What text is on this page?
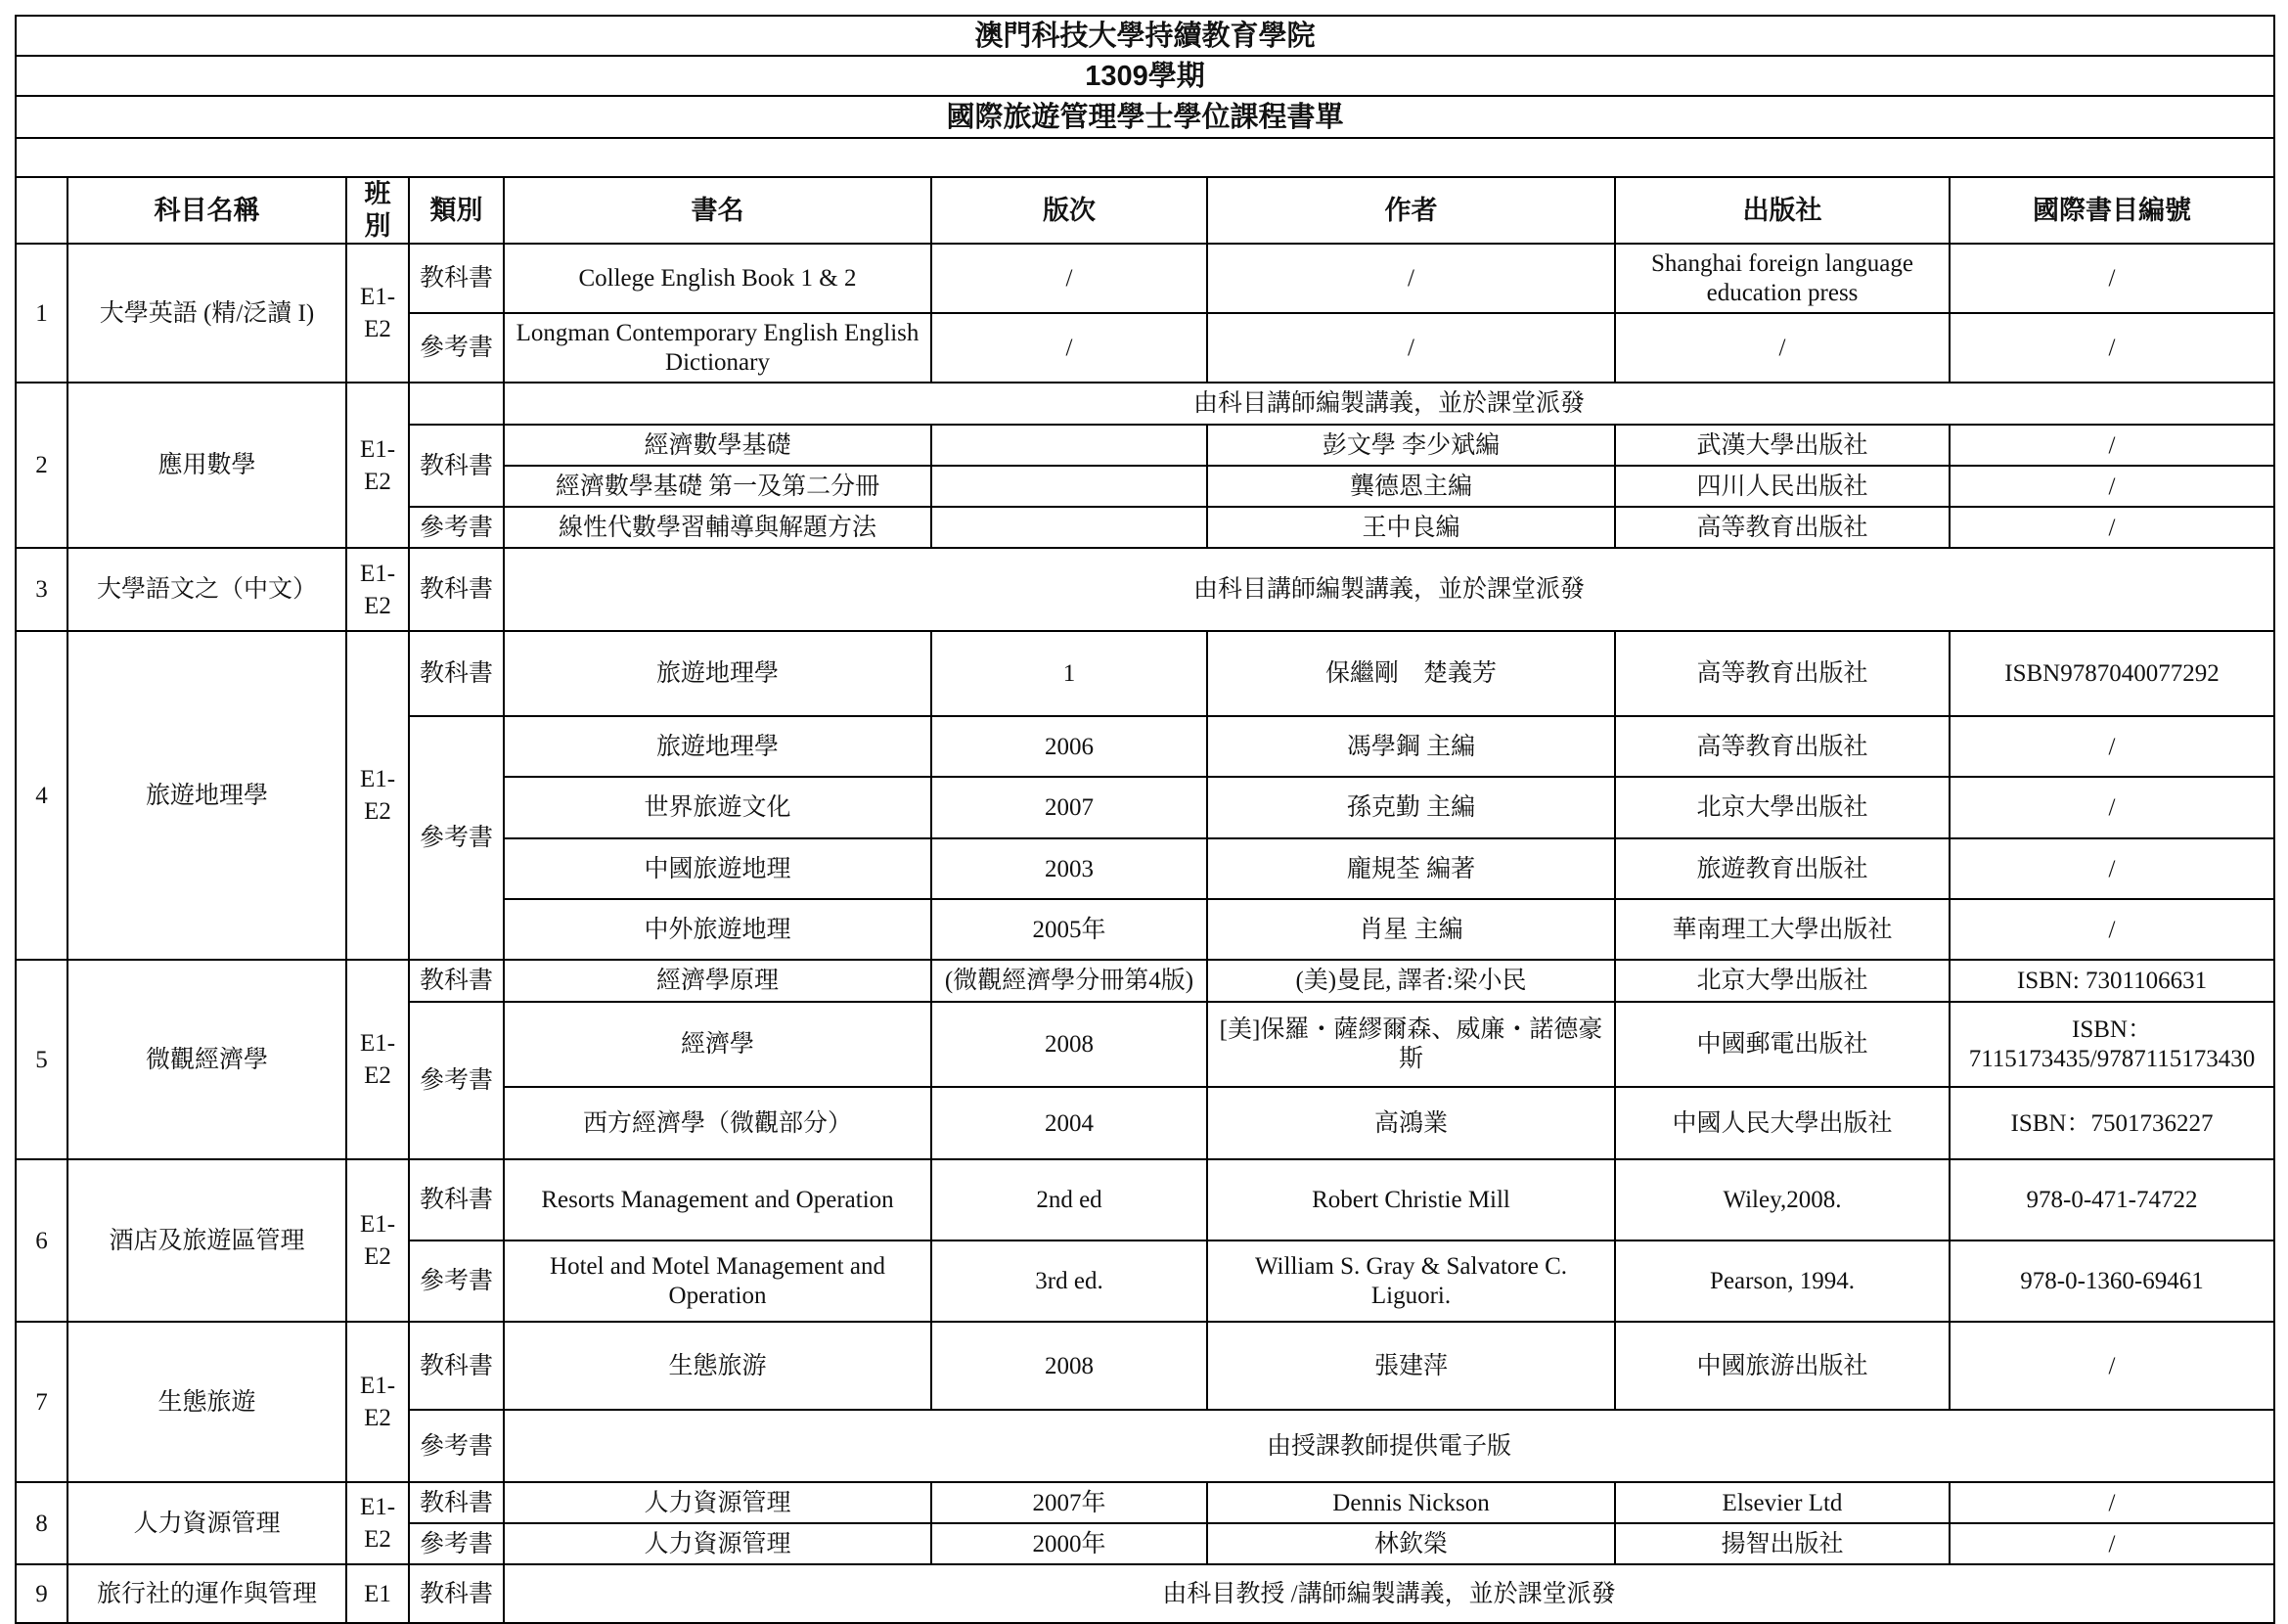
澳門科技大學持續教育學院								
1309學期								
國際旅遊管理學士學位課程書單								

	科目名稱	班別	類別	書名	版次	作者	出版社	國際書目編號
1	大學英語 (精/泛讀 I)	E1-E2	教科書	College English Book 1 & 2	/	/	Shanghai foreign language education press	/
			參考書	Longman Contemporary English English Dictionary	/	/	/	/
2	應用數學	E1-E2		由科目講師編製講義，並於課堂派發				
			教科書	經濟數學基礎		彭文學 李少斌編	武漢大學出版社	/
				經濟數學基礎 第一及第二分冊		龔德恩主編	四川人民出版社	/
			參考書	線性代數學習輔導與解題方法		王中良編	高等教育出版社	/
3	大學語文之（中文）	E1-E2	教科書	由科目講師編製講義，並於課堂派發				
4	旅遊地理學	E1-E2	教科書	旅遊地理學	1	保繼剛　楚義芳	高等教育出版社	ISBN9787040077292
			參考書	旅遊地理學	2006	馮學鋼 主編	高等教育出版社	/
				世界旅遊文化	2007	孫克勤 主編	北京大學出版社	/
				中國旅遊地理	2003	龐規荃 編著	旅遊教育出版社	/
				中外旅遊地理	2005年	肖星 主編	華南理工大學出版社	/
5	微觀經濟學	E1-E2	教科書	經濟學原理	(微觀經濟學分冊第4版)	(美)曼昆, 譯者:梁小民	北京大學出版社	ISBN: 7301106631
			參考書	經濟學	2008	[美]保羅・薩繆爾森、威廉・諾德豪斯	中國郵電出版社	ISBN：7115173435/9787115173430
				西方經濟學（微觀部分）	2004	高鴻業	中國人民大學出版社	ISBN：7501736227
6	酒店及旅遊區管理	E1-E2	教科書	Resorts Management and Operation	2nd ed	Robert Christie Mill	Wiley,2008.	978-0-471-74722
			參考書	Hotel and Motel Management and Operation	3rd ed.	William S. Gray & Salvatore C. Liguori.	Pearson, 1994.	978-0-1360-69461
7	生態旅遊	E1-E2	教科書	生態旅游	2008	張建萍	中國旅游出版社	/
			參考書	由授課教師提供電子版				
8	人力資源管理	E1-E2	教科書	人力資源管理	2007年	Dennis Nickson	Elsevier Ltd	/
			參考書	人力資源管理	2000年	林欽榮	揚智出版社	/
9	旅行社的運作與管理	E1	教科書	由科目教授 /講師編製講義，並於課堂派發				
